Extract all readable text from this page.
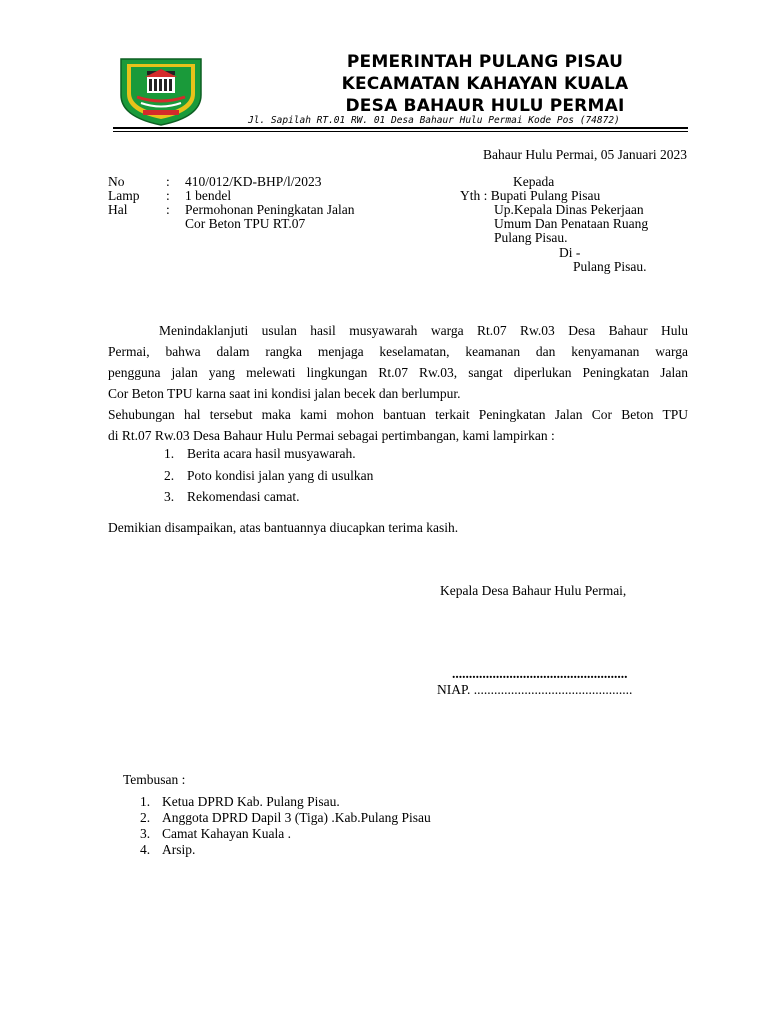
PEMERINTAH PULANG PISAU
KECAMATAN KAHAYAN KUALA
DESA BAHAUR HULU PERMAI
Jl. Sapilah RT.01 RW. 01 Desa Bahaur Hulu Permai Kode Pos (74872)
Bahaur Hulu Permai, 05 Januari 2023
No	: 410/012/KD-BHP/l/2023
Lamp : 1 bendel
Hal	: Permohonan Peningkatan Jalan
Cor Beton TPU RT.07
Kepada
Yth : Bupati Pulang Pisau
Up.Kepala Dinas Pekerjaan
Umum Dan Penataan Ruang
Pulang Pisau.
Di -
Pulang Pisau.
Menindaklanjuti usulan hasil musyawarah warga Rt.07 Rw.03 Desa Bahaur Hulu
Permai, bahwa dalam rangka menjaga keselamatan, keamanan dan kenyamanan warga
pengguna jalan yang melewati lingkungan Rt.07 Rw.03, sangat diperlukan Peningkatan Jalan
Cor Beton TPU karna saat ini kondisi jalan becek dan berlumpur.
Sehubungan hal tersebut maka kami mohon bantuan terkait Peningkatan Jalan Cor Beton TPU
di Rt.07 Rw.03 Desa Bahaur Hulu Permai sebagai pertimbangan, kami lampirkan :
1. Berita acara hasil musyawarah.
2. Poto kondisi jalan yang di usulkan
3. Rekomendasi camat.
Demikian disampaikan, atas bantuannya diucapkan terima kasih.
Kepala Desa Bahaur Hulu Permai,
....................................................
NIAP. ...............................................
Tembusan :
1. Ketua DPRD Kab. Pulang Pisau.
2. Anggota DPRD Dapil 3 (Tiga) .Kab.Pulang Pisau
3. Camat Kahayan Kuala .
4. Arsip.
